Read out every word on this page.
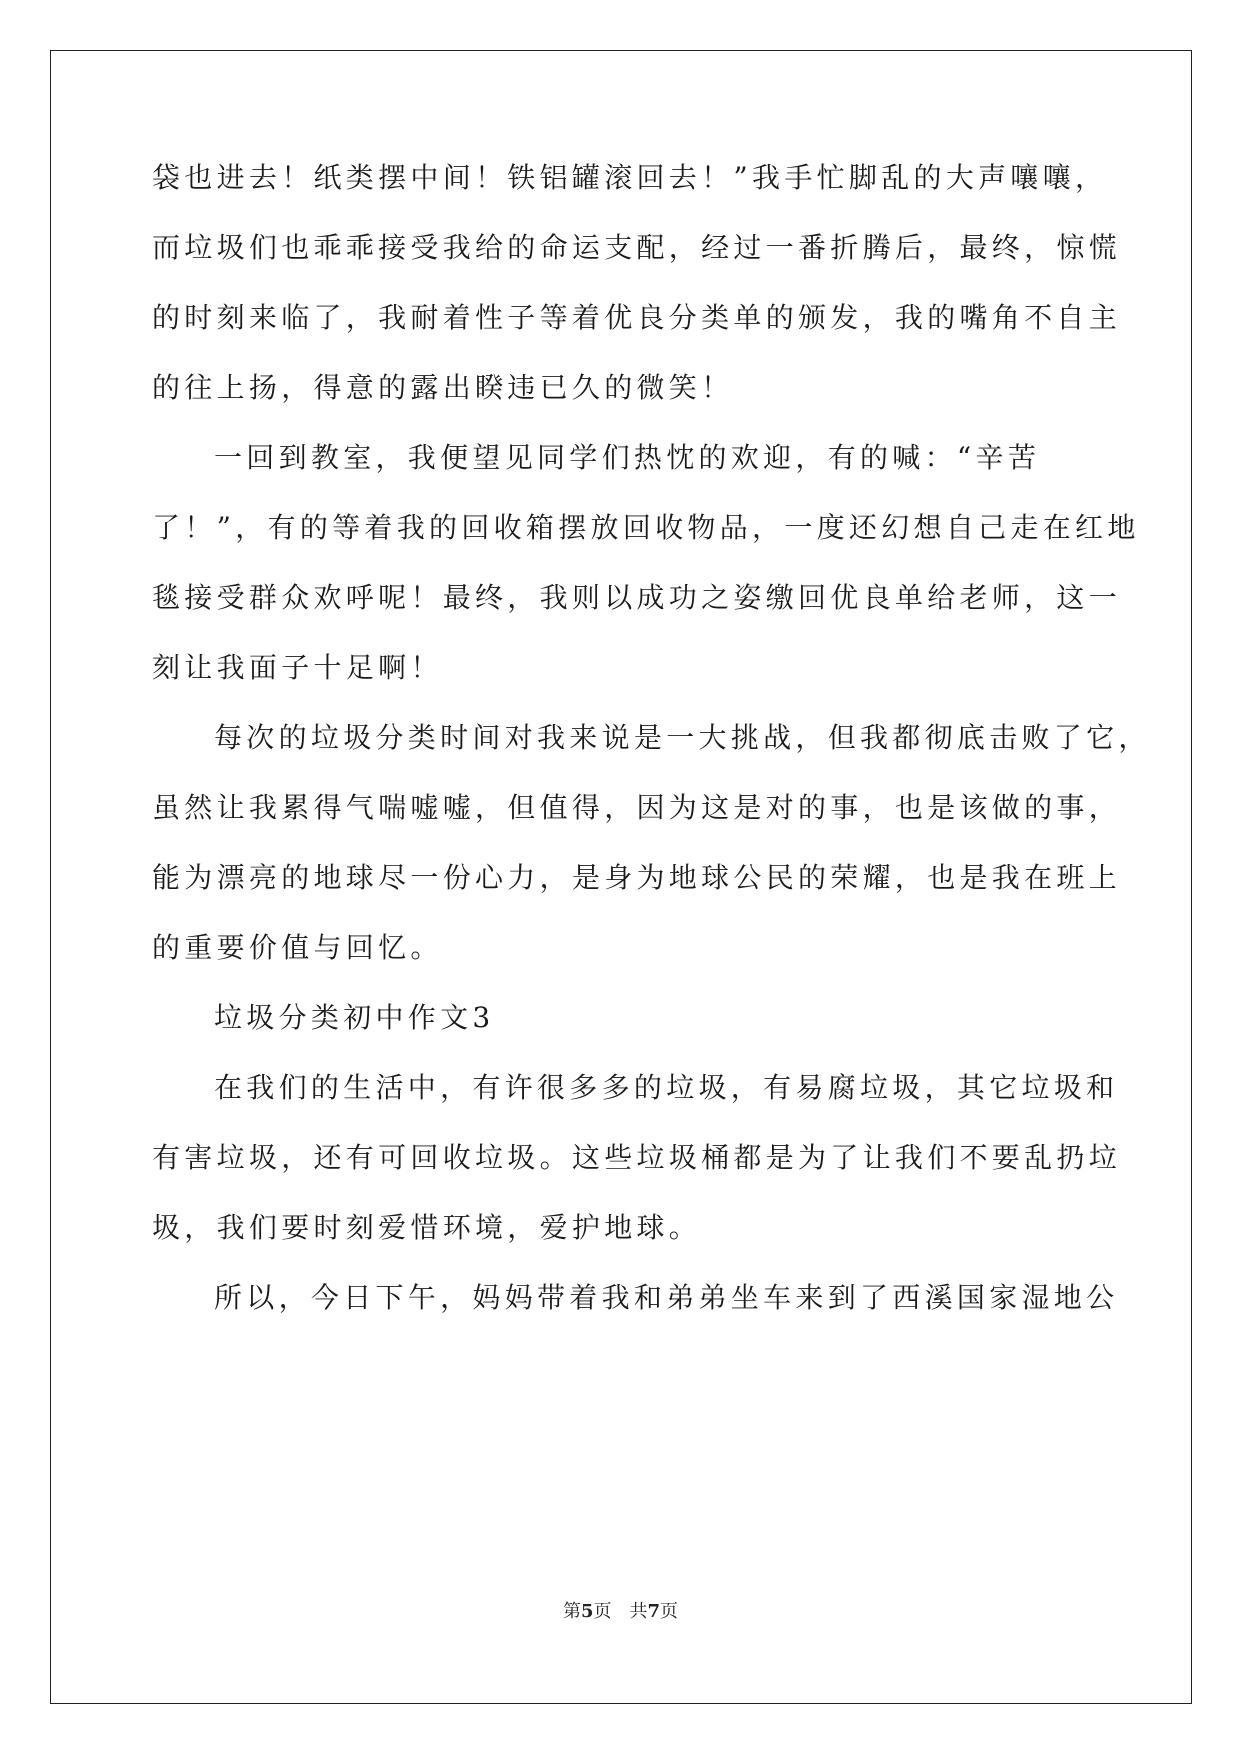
袋也进去！纸类摆中间！铁铝罐滚回去！”我手忙脚乱的大声嚷嚷，
而垃圾们也乖乖接受我给的命运支配，经过一番折腾后，最终，惊慌
的时刻来临了，我耐着性子等着优良分类单的颁发，我的嘴角不自主
的往上扬，得意的露出睽违已久的微笑！
一回到教室，我便望见同学们热忱的欢迎，有的喊：“辛苦
了！”，有的等着我的回收箱摆放回收物品，一度还幻想自己走在红地
毯接受群众欢呼呢！最终，我则以成功之姿缴回优良单给老师，这一
刻让我面子十足啊！
每次的垃圾分类时间对我来说是一大挑战，但我都彻底击败了它，
虽然让我累得气喘嘘嘘，但值得，因为这是对的事，也是该做的事，
能为漂亮的地球尽一份心力，是身为地球公民的荣耀，也是我在班上
的重要价值与回忆。
垃圾分类初中作文3
在我们的生活中，有许很多多的垃圾，有易腐垃圾，其它垃圾和
有害垃圾，还有可回收垃圾。这些垃圾桶都是为了让我们不要乱扔垃
圾，我们要时刻爱惜环境，爱护地球。
所以，今日下午，妈妈带着我和弟弟坐车来到了西溪国家湿地公
第5页　共7页
